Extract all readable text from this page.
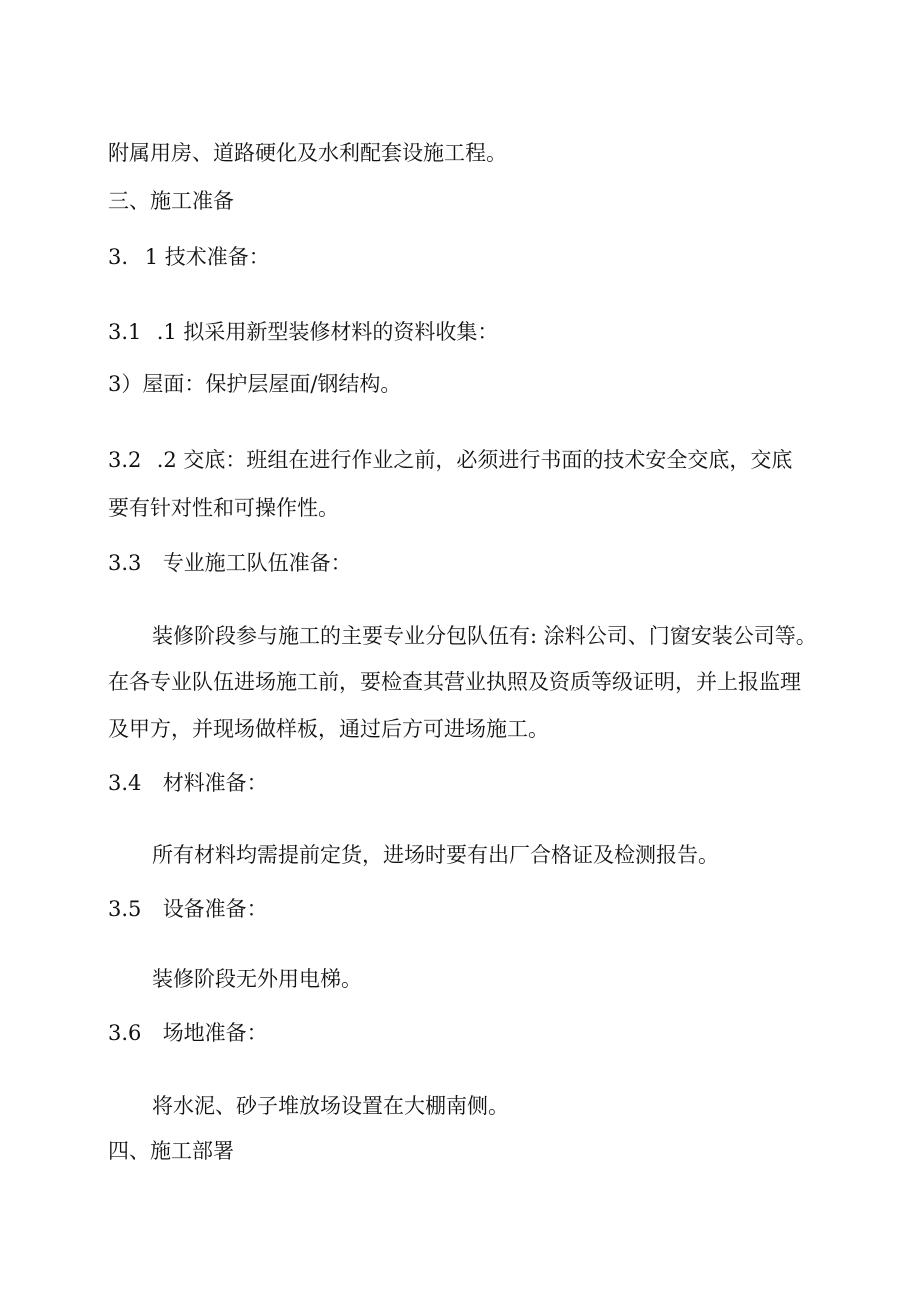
附属用房、道路硬化及水利配套设施工程。
三、施工准备
3. 1 技术准备：
3.1 .1 拟采用新型装修材料的资料收集：
3）屋面：保护层屋面/钢结构。
3.2 .2 交底：班组在进行作业之前，必须进行书面的技术安全交底，交底
要有针对性和可操作性。
3.3 专业施工队伍准备：
装修阶段参与施工的主要专业分包队伍有: 涂料公司、门窗安装公司等。
在各专业队伍进场施工前，要检查其营业执照及资质等级证明，并上报监理
及甲方，并现场做样板，通过后方可进场施工。
3.4 材料准备：
所有材料均需提前定货，进场时要有出厂合格证及检测报告。
3.5 设备准备：
装修阶段无外用电梯。
3.6 场地准备：
将水泥、砂子堆放场设置在大棚南侧。
四、施工部署
